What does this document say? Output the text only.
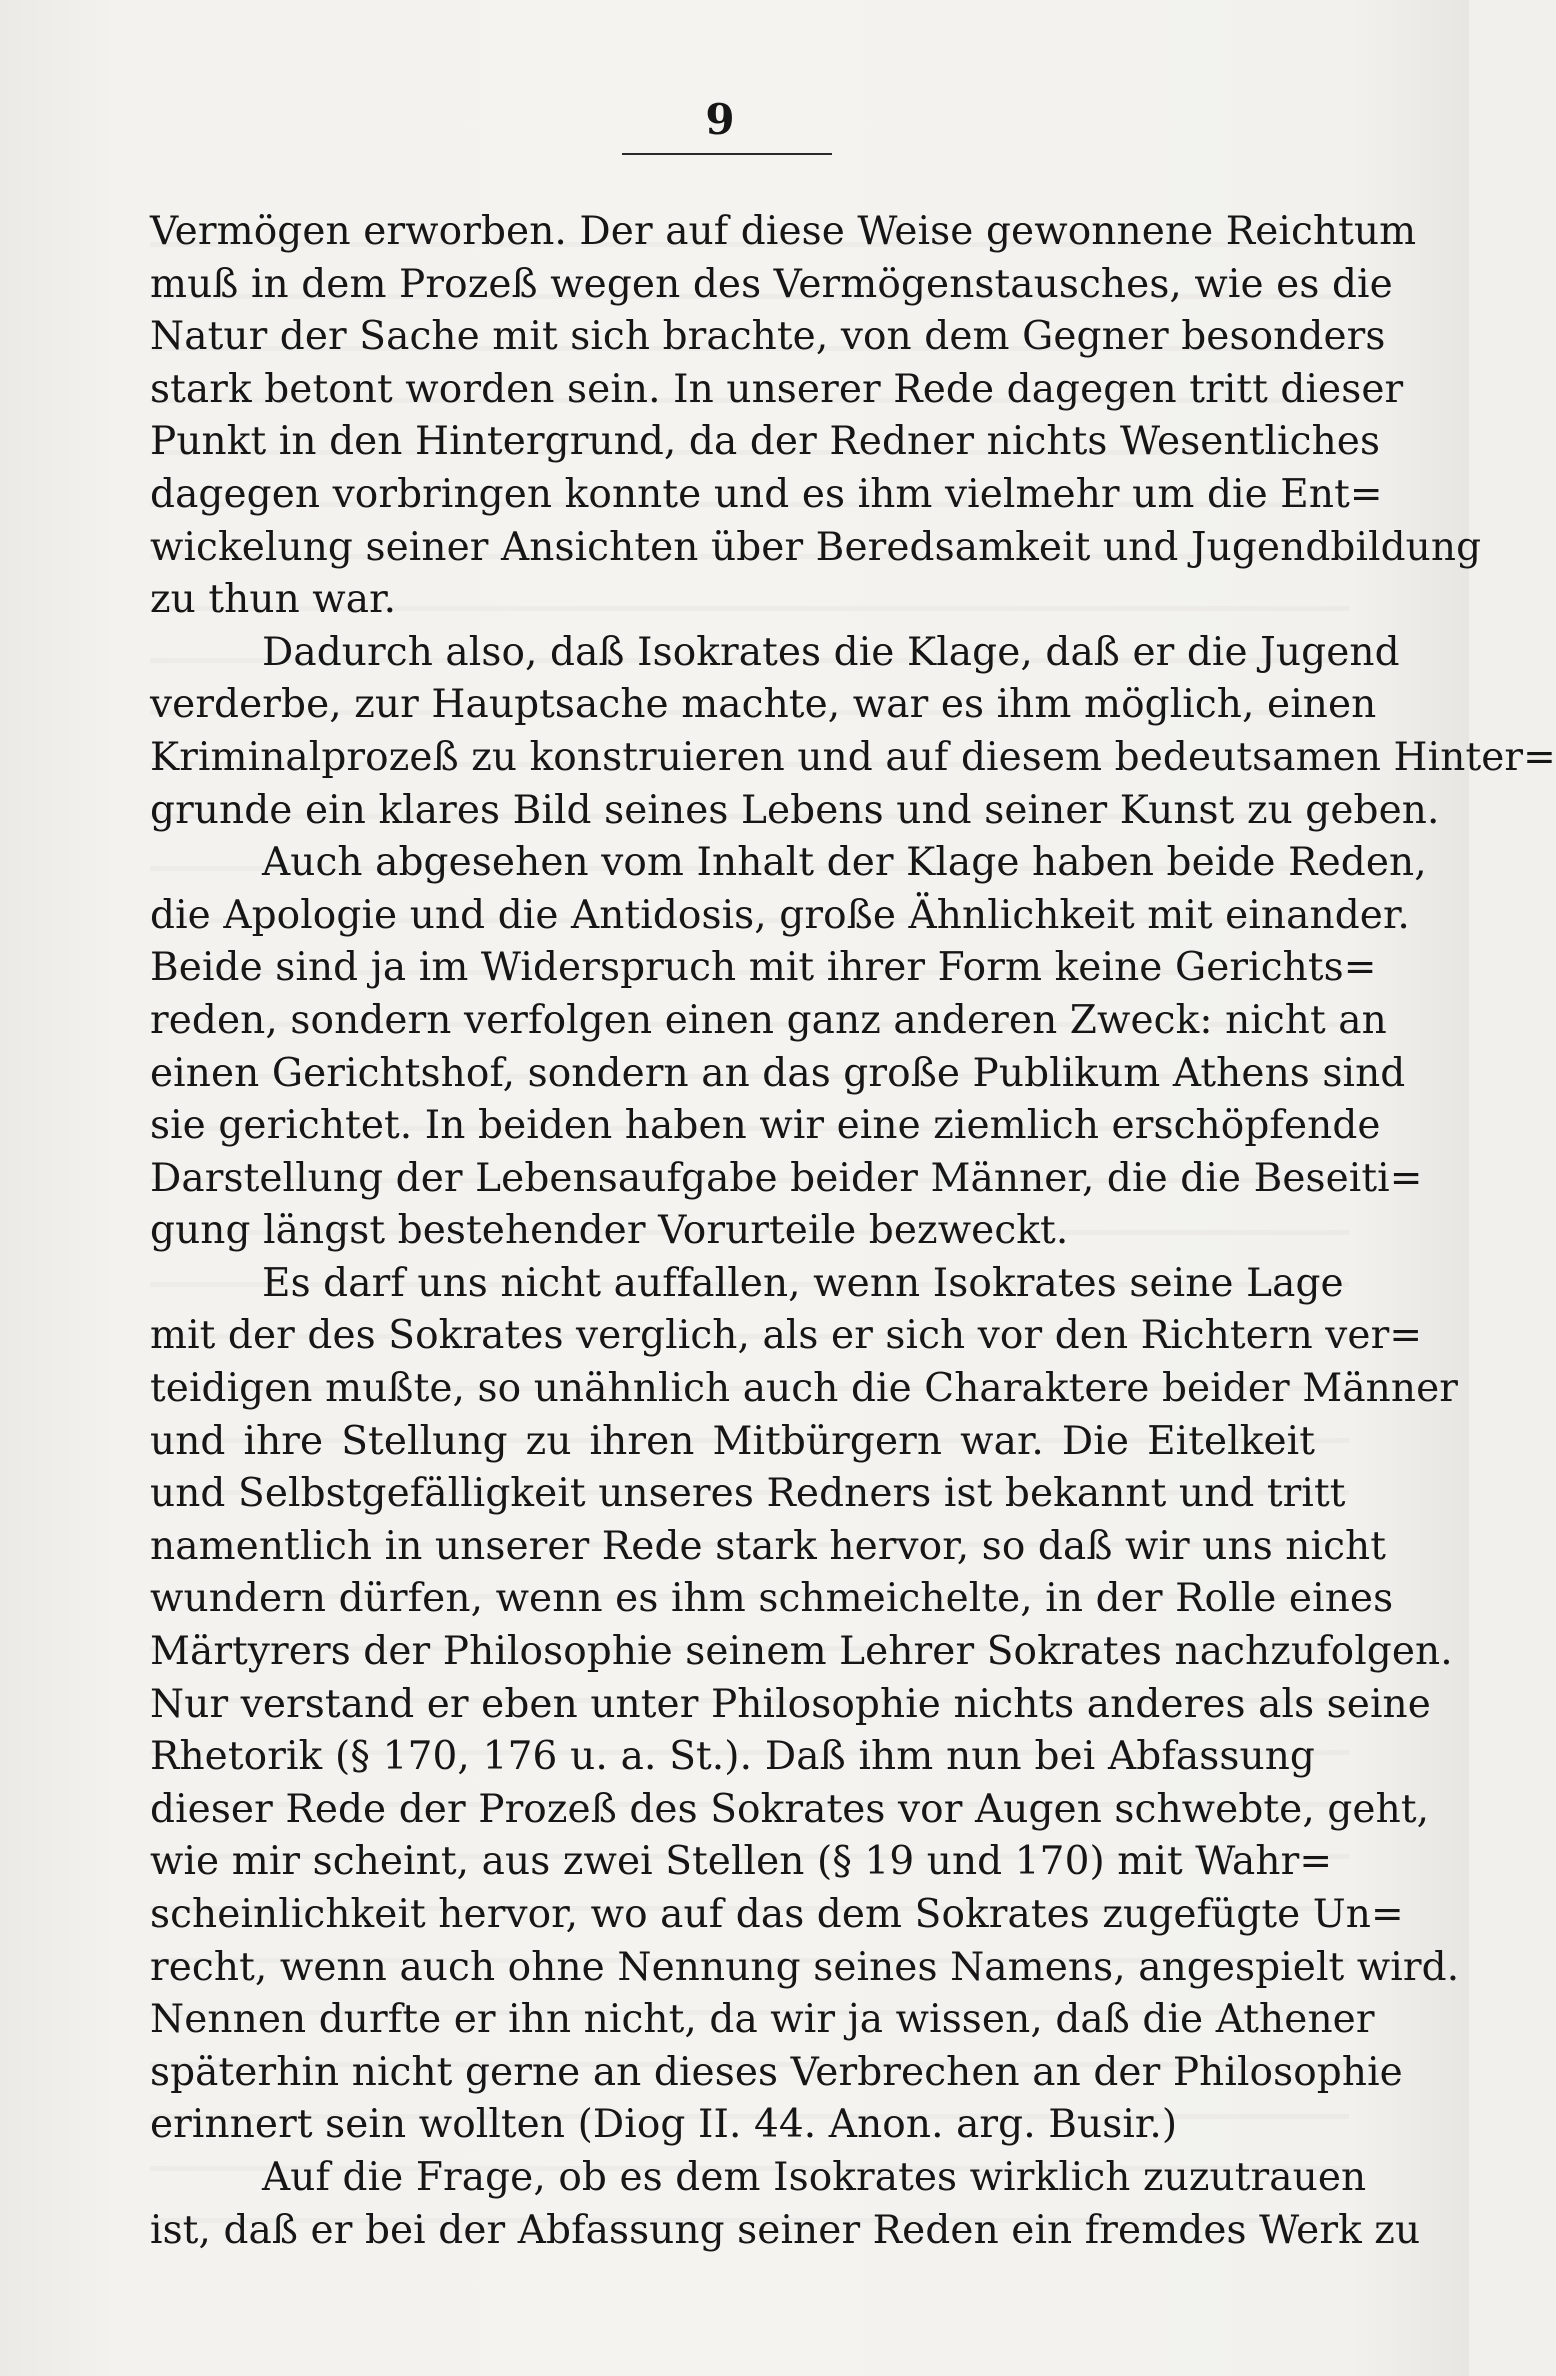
9
Vermögen erworben. Der auf diese Weise gewonnene Reichtum
muß in dem Prozeß wegen des Vermögenstausches, wie es die
Natur der Sache mit sich brachte, von dem Gegner besonders
stark betont worden sein. In unserer Rede dagegen tritt dieser
Punkt in den Hintergrund, da der Redner nichts Wesentliches
dagegen vorbringen konnte und es ihm vielmehr um die Ent=
wickelung seiner Ansichten über Beredsamkeit und Jugendbildung
zu thun war.
Dadurch also, daß Isokrates die Klage, daß er die Jugend
verderbe, zur Hauptsache machte, war es ihm möglich, einen
Kriminalprozeß zu konstruieren und auf diesem bedeutsamen Hinter=
grunde ein klares Bild seines Lebens und seiner Kunst zu geben.
Auch abgesehen vom Inhalt der Klage haben beide Reden,
die Apologie und die Antidosis, große Ähnlichkeit mit einander.
Beide sind ja im Widerspruch mit ihrer Form keine Gerichts=
reden, sondern verfolgen einen ganz anderen Zweck: nicht an
einen Gerichtshof, sondern an das große Publikum Athens sind
sie gerichtet. In beiden haben wir eine ziemlich erschöpfende
Darstellung der Lebensaufgabe beider Männer, die die Beseiti=
gung längst bestehender Vorurteile bezweckt.
Es darf uns nicht auffallen, wenn Isokrates seine Lage
mit der des Sokrates verglich, als er sich vor den Richtern ver=
teidigen mußte, so unähnlich auch die Charaktere beider Männer
und ihre Stellung zu ihren Mitbürgern war. Die Eitelkeit
und Selbstgefälligkeit unseres Redners ist bekannt und tritt
namentlich in unserer Rede stark hervor, so daß wir uns nicht
wundern dürfen, wenn es ihm schmeichelte, in der Rolle eines
Märtyrers der Philosophie seinem Lehrer Sokrates nachzufolgen.
Nur verstand er eben unter Philosophie nichts anderes als seine
Rhetorik (§ 170, 176 u. a. St.). Daß ihm nun bei Abfassung
dieser Rede der Prozeß des Sokrates vor Augen schwebte, geht,
wie mir scheint, aus zwei Stellen (§ 19 und 170) mit Wahr=
scheinlichkeit hervor, wo auf das dem Sokrates zugefügte Un=
recht, wenn auch ohne Nennung seines Namens, angespielt wird.
Nennen durfte er ihn nicht, da wir ja wissen, daß die Athener
späterhin nicht gerne an dieses Verbrechen an der Philosophie
erinnert sein wollten (Diog II. 44. Anon. arg. Busir.)
Auf die Frage, ob es dem Isokrates wirklich zuzutrauen
ist, daß er bei der Abfassung seiner Reden ein fremdes Werk zu
